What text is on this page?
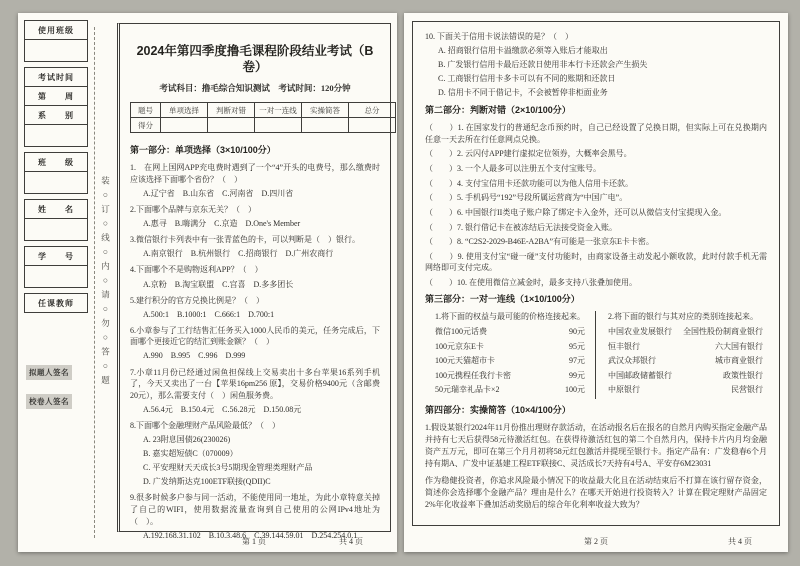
使用班级
考试时间
第　　周
系　　别
班　　级
姓　　名
学　　号
任课教师
拟题人签名
校卷人签名
装○订○线○内○请○勿○答○题
2024年第四季度撸毛课程阶段结业考试（B卷）
考试科目：撸毛综合知识测试　考试时间：120分钟
题号	单项选择	判断对错	一对一连线	实操简答	总分
得分					
第一部分：单项选择（3×10/100分）
1.　在网上国网APP充电费时遇到了一个“4”开头的电费号，那么缴费时应该选择下面哪个省份？（　）
A.辽宁省　B.山东省　C.河南省　D.四川省
2.下面哪个品牌与京东无关？（　）
A.惠寻　B.嗨满分　C.京造　D.One's Member
3.微信银行卡列表中有一张青蓝色的卡，可以判断是（　）银行。
A.南京银行　B.杭州银行　C.招商银行　D.广州农商行
4.下面哪个不是购物返利APP？（　）
A.京粉　B.淘宝联盟　C.宫喜　D.多多团长
5.建行积分的官方兑换比例是？（　）
A.500:1　B.1000:1　C.666:1　D.700:1
6.小章参与了工行结售汇任务买入1000人民币的美元，任务完成后，下面哪个更接近它的结汇到账金额？（　）
A.990　B.995　C.996　D.999
7.小章11月份已经通过闲鱼担保线上交易卖出十多台苹果16系列手机了，今天又卖出了一台【苹果16pm256 原】，交易价格9400元（含邮费20元），那么需要支付（　）闲鱼服务费。
A.56.4元　B.150.4元　C.56.28元　D.150.08元
8.下面哪个金融理财产品风险最低？（　）
A. 23附息国债26(230026)
B. 嘉实超短债C（070009）
C. 平安理财天天成长3号5期现金管理类理财产品
D. 广发纳斯达克100ETF联接(QDII)C
9.很多时候多户参与同一活动，不能使用同一地址，为此小章特意关掉了自己的WIFI，使用数据流量查询到自己使用的公网IPv4地址为（　）。
A.192.168.31.102　B.10.3.48.6　C.39.144.59.01　D.254.254.0.1
第 1 页	共 4 页
10. 下面关于信用卡说法错误的是？（　）
A. 招商银行信用卡溢缴款必须等入账后才能取出
B. 广发银行信用卡最后还款日使用非本行卡还款会产生损失
C. 工商银行信用卡多卡可以有不同的账期和还款日
D. 信用卡不同于借记卡，不会被暂停非柜面业务
第二部分：判断对错（2×10/100分）
（　　）1. 在国家发行的普通纪念币预约时，自己已经设置了兑换日期，但实际上可在兑换期内任意一天去所在行任意网点兑换。
（　　）2. 云闪付APP建行虚拟定位领券，大概率会黑号。
（　　）3. 一个人最多可以注册五个支付宝账号。
（　　）4. 支付宝信用卡还款功能可以为他人信用卡还款。
（　　）5. 手机码号“192”号段所属运营商为“中国广电”。
（　　）6. 中国银行II类电子账户除了绑定卡入金外，还可以从微信支付宝提现入金。
（　　）7. 银行借记卡在被冻结后无法接受资金入账。
（　　）8. “C2S2-2029-B46E-A2BA”有可能是一张京东E卡卡密。
（　　）9. 使用支付宝“碰一碰”支付功能时，由商家设备主动发起小额收款，此时付款手机无需网络即可支付完成。
（　　）10. 在使用微信立减金时，最多支持八张叠加使用。
第三部分：一对一连线（1×10/100分）
1.将下面的权益与最可能的价格连接起来。
微信100元话费	90元
100元京东E卡	95元
100元天猫超市卡	97元
100元携程任我行卡密	99元
50元瑞幸礼品卡×2	100元
2.将下面的银行与其对应的类别连接起来。
中国农业发展银行 全国性股份制商业银行
恒丰银行	六大国有银行
武汉众邦银行	城市商业银行
中国邮政储蓄银行	政策性银行
中原银行	民营银行
第四部分：实操简答（10×4/100分）
1.假设某银行2024年11月份推出理财存款活动，在活动报名后在报名的自然月内购买指定金融产品并持有七天后获得58元待激活红包。在获得待激活红包的第二个自然月内，保持卡片内月均金融资产五万元，即可在第三个月月初将58元红包激活并提现至银行卡。指定产品有：广发稳春6个月持有期A、广发中证基建工程ETF联接C、灵活成长7天持有4号A、平安存6M23031
作为稳健投资者，你追求风险最小情况下的收益最大化且在活动结束后不打算在该行留存资金，简述你会选择哪个金融产品？理由是什么？在哪天开始进行投资转入？计算在假定理财产品固定2%年化收益率下叠加活动奖励后的综合年化利率收益大致为？
第 2 页	共 4 页
